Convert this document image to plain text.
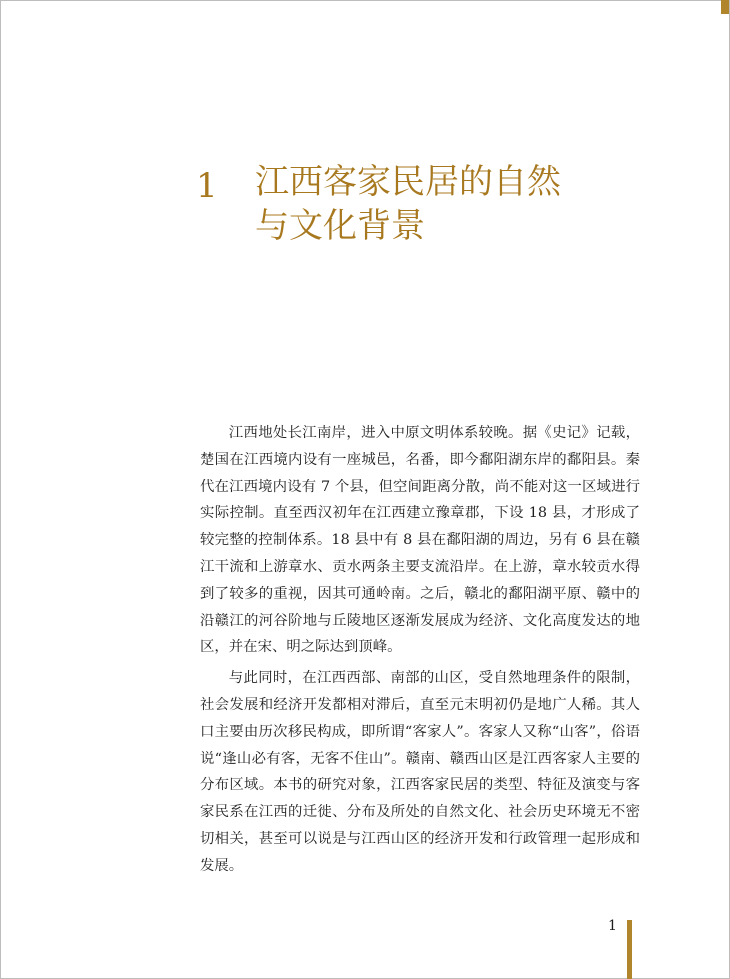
1 江西客家民居的自然
与文化背景

江西地处长江南岸，进入中原文明体系较晚。据《史记》记载，楚国在江西境内设有一座城邑，名番，即今鄱阳湖东岸的鄱阳县。秦代在江西境内设有 7 个县，但空间距离分散，尚不能对这一区域进行实际控制。直至西汉初年在江西建立豫章郡，下设 18 县，才形成了较完整的控制体系。18 县中有 8 县在鄱阳湖的周边，另有 6 县在赣江干流和上游章水、贡水两条主要支流沿岸。在上游，章水较贡水得到了较多的重视，因其可通岭南。之后，赣北的鄱阳湖平原、赣中的沿赣江的河谷阶地与丘陵地区逐渐发展成为经济、文化高度发达的地区，并在宋、明之际达到顶峰。

与此同时，在江西西部、南部的山区，受自然地理条件的限制，社会发展和经济开发都相对滞后，直至元末明初仍是地广人稀。其人口主要由历次移民构成，即所谓“客家人”。客家人又称“山客”，俗语说“逢山必有客，无客不住山”。赣南、赣西山区是江西客家人主要的分布区域。本书的研究对象，江西客家民居的类型、特征及演变与客家民系在江西的迁徙、分布及所处的自然文化、社会历史环境无不密切相关，甚至可以说是与江西山区的经济开发和行政管理一起形成和发展。

1
